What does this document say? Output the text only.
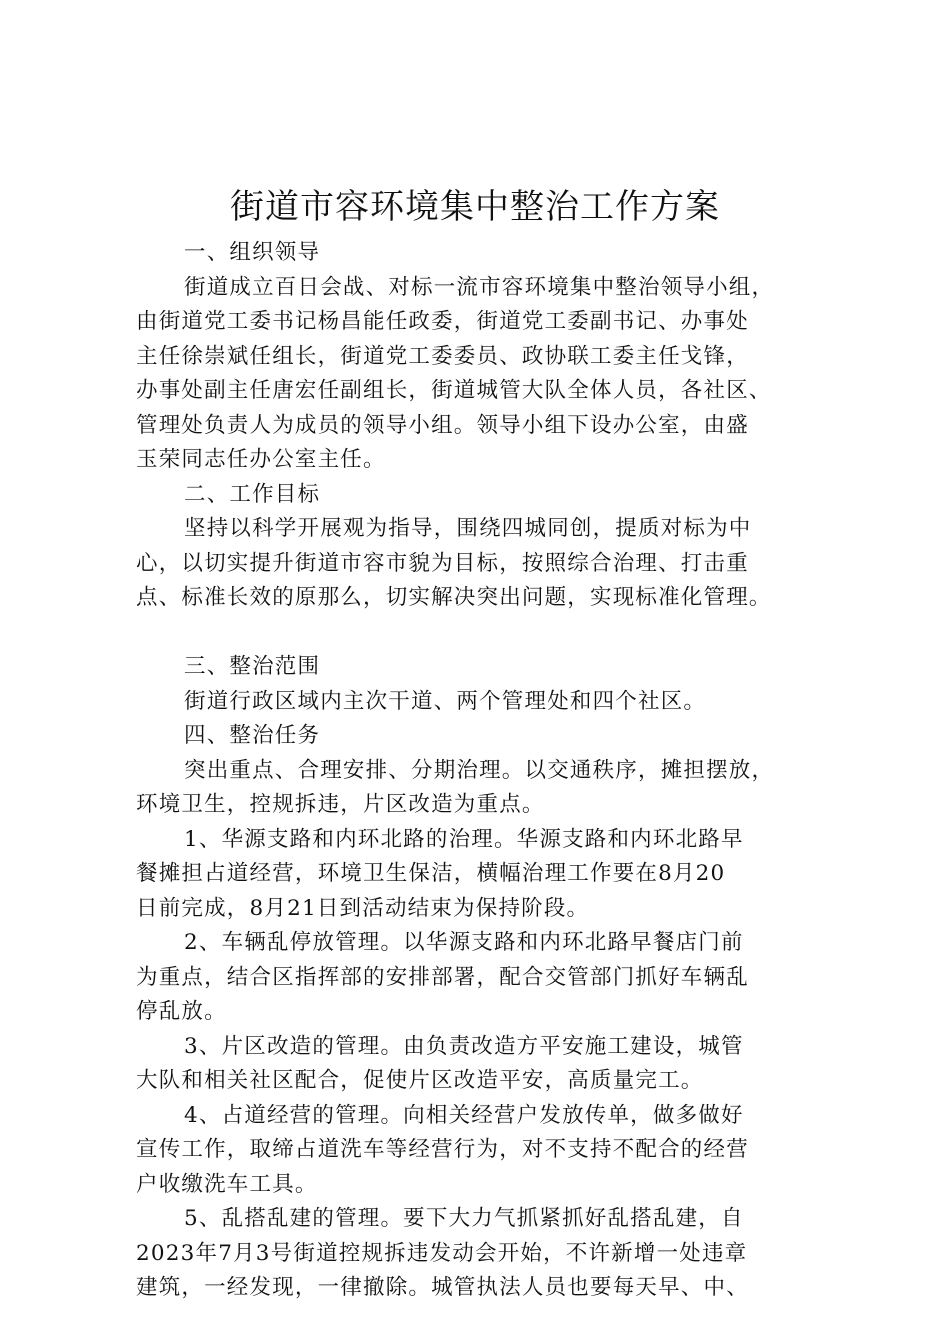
街道市容环境集中整治工作方案
一、组织领导
街道成立百日会战、对标一流市容环境集中整治领导小组，
由街道党工委书记杨昌能任政委，街道党工委副书记、办事处
主任徐崇斌任组长，街道党工委委员、政协联工委主任戈锋，
办事处副主任唐宏任副组长，街道城管大队全体人员，各社区、
管理处负责人为成员的领导小组。领导小组下设办公室，由盛
玉荣同志任办公室主任。
二、工作目标
坚持以科学开展观为指导，围绕四城同创，提质对标为中
心，以切实提升街道市容市貌为目标，按照综合治理、打击重
点、标准长效的原那么，切实解决突出问题，实现标准化管理。
三、整治范围
街道行政区域内主次干道、两个管理处和四个社区。
四、整治任务
突出重点、合理安排、分期治理。以交通秩序，摊担摆放，
环境卫生，控规拆违，片区改造为重点。
1、华源支路和内环北路的治理。华源支路和内环北路早
餐摊担占道经营，环境卫生保洁，横幅治理工作要在8月20
日前完成，8月21日到活动结束为保持阶段。
2、车辆乱停放管理。以华源支路和内环北路早餐店门前
为重点，结合区指挥部的安排部署，配合交管部门抓好车辆乱
停乱放。
3、片区改造的管理。由负责改造方平安施工建设，城管
大队和相关社区配合，促使片区改造平安，高质量完工。
4、占道经营的管理。向相关经营户发放传单，做多做好
宣传工作，取缔占道洗车等经营行为，对不支持不配合的经营
户收缴洗车工具。
5、乱搭乱建的管理。要下大力气抓紧抓好乱搭乱建，自
2023年7月3号街道控规拆违发动会开始，不许新增一处违章
建筑，一经发现，一律撤除。城管执法人员也要每天早、中、
